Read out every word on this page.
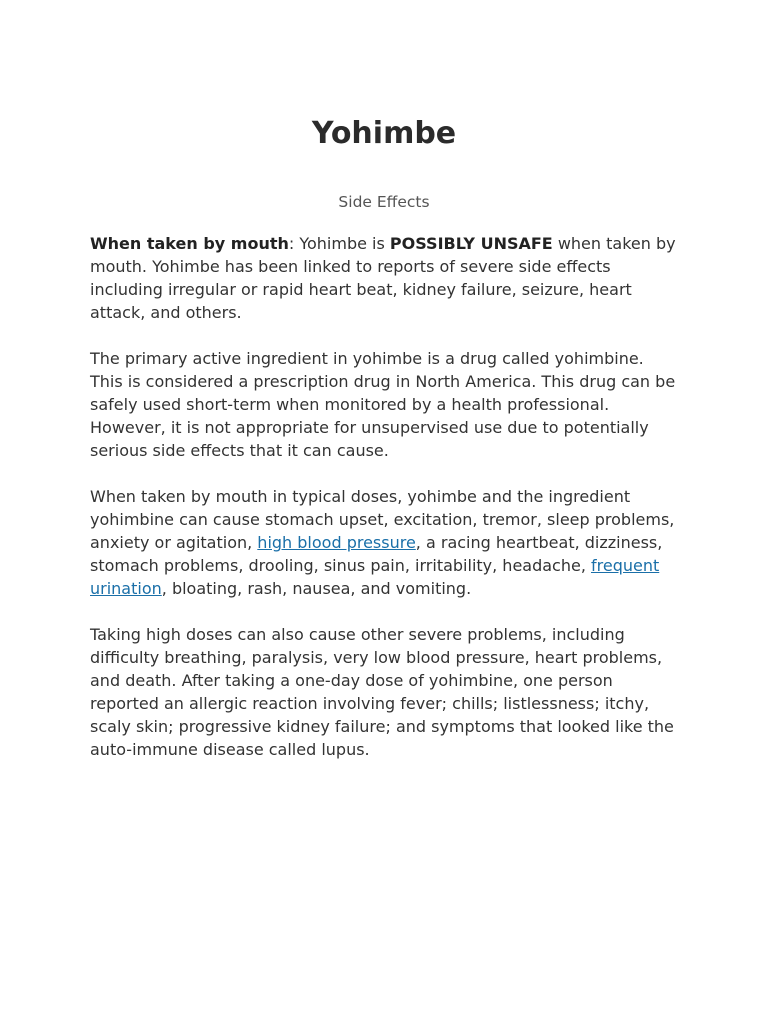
Yohimbe
Side Effects

When taken by mouth: Yohimbe is POSSIBLY UNSAFE when taken by mouth. Yohimbe has been linked to reports of severe side effects including irregular or rapid heart beat, kidney failure, seizure, heart attack, and others.

The primary active ingredient in yohimbe is a drug called yohimbine. This is considered a prescription drug in North America. This drug can be safely used short-term when monitored by a health professional. However, it is not appropriate for unsupervised use due to potentially serious side effects that it can cause.

When taken by mouth in typical doses, yohimbe and the ingredient yohimbine can cause stomach upset, excitation, tremor, sleep problems, anxiety or agitation, high blood pressure, a racing heartbeat, dizziness, stomach problems, drooling, sinus pain, irritability, headache, frequent urination, bloating, rash, nausea, and vomiting.

Taking high doses can also cause other severe problems, including difficulty breathing, paralysis, very low blood pressure, heart problems, and death. After taking a one-day dose of yohimbine, one person reported an allergic reaction involving fever; chills; listlessness; itchy, scaly skin; progressive kidney failure; and symptoms that looked like the auto-immune disease called lupus.
